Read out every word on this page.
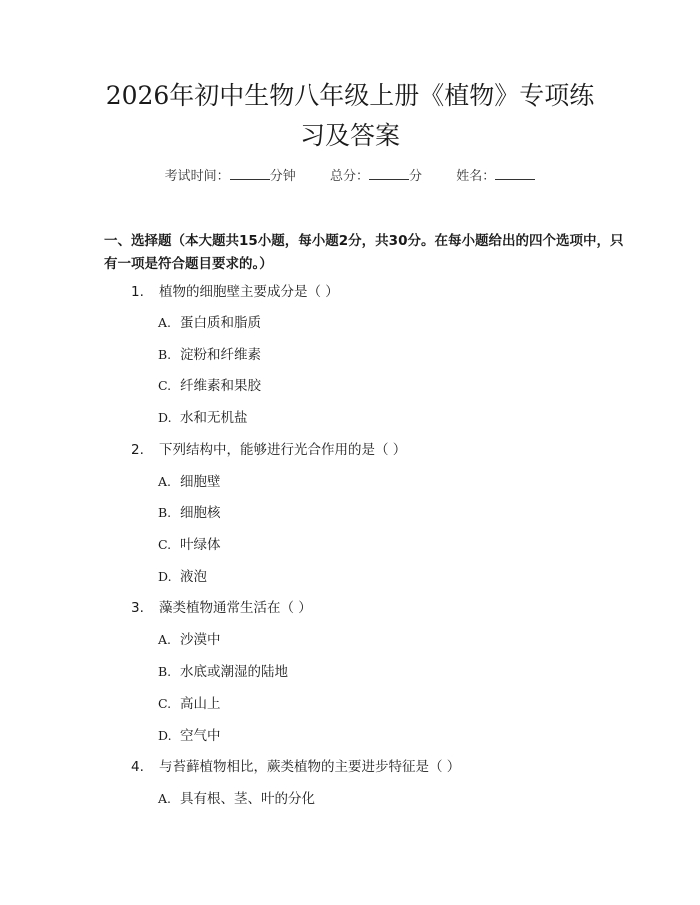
2026年初中生物八年级上册《植物》专项练
习及答案
考试时间：	分钟	总分：	分	姓名：
一、选择题（本大题共15小题，每小题2分，共30分。在每小题给出的四个选项中，只有一项是符合题目要求的。）
1. 植物的细胞壁主要成分是（ ）
A. 蛋白质和脂质
B. 淀粉和纤维素
C. 纤维素和果胶
D. 水和无机盐
2. 下列结构中，能够进行光合作用的是（ ）
A. 细胞壁
B. 细胞核
C. 叶绿体
D. 液泡
3. 藻类植物通常生活在（ ）
A. 沙漠中
B. 水底或潮湿的陆地
C. 高山上
D. 空气中
4. 与苔藓植物相比，蕨类植物的主要进步特征是（ ）
A. 具有根、茎、叶的分化
